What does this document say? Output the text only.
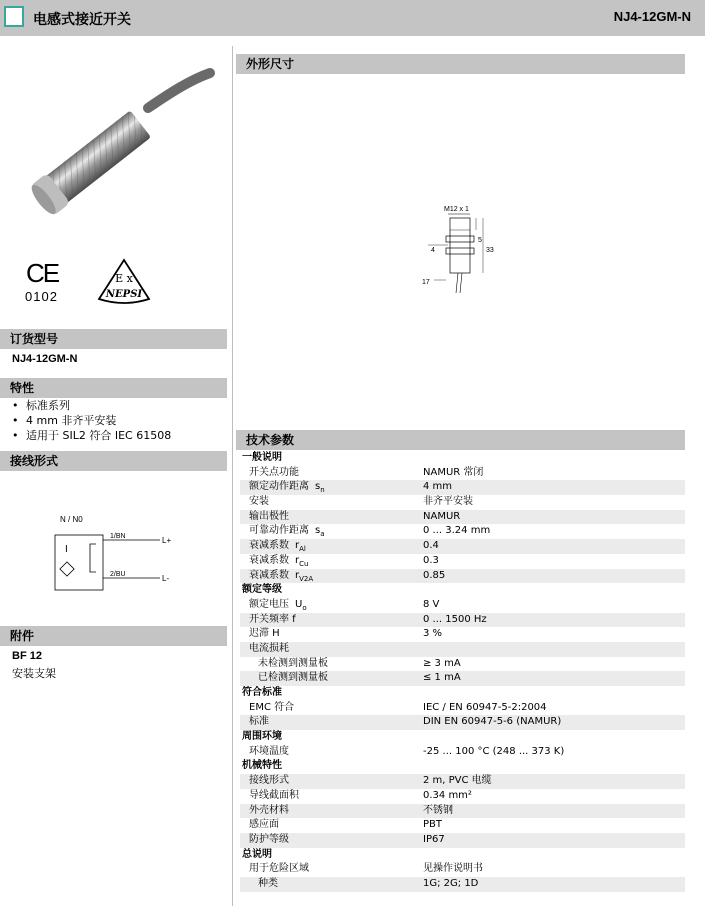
电感式接近开关	NJ4-12GM-N
CE
0102
E x
NEPSI
订货型号
NJ4-12GM-N
特性
• 标准系列
• 4 mm 非齐平安装
• 适用于 SIL2 符合 IEC 61508
接线形式
N / N0
I
1/BN
2/BU
L+
L-
附件
BF 12
安装支架
外形尺寸
M12 x 1
4
5
33
17
技术参数
一般说明
开关点功能	NAMUR 常闭
额定动作距离 $s_n$	4 mm
安装	非齐平安装
输出极性	NAMUR
可靠动作距离 $s_a$	0 ... 3.24 mm
衰减系数 $r_{Al}$	0.4
衰减系数 $r_{Cu}$	0.3
衰减系数 $r_{V2A}$	0.85
额定等级
额定电压 $U_o$	8 V
开关频率 f	0 ... 1500 Hz
迟滞 H	3 %
电流损耗
未检测到测量板	≥ 3 mA
已检测到测量板	≤ 1 mA
符合标准
EMC 符合	IEC / EN 60947-5-2:2004
标准	DIN EN 60947-5-6 (NAMUR)
周围环境
环境温度	-25 ... 100 °C (248 ... 373 K)
机械特性
接线形式	2 m, PVC 电缆
导线截面积	0.34 mm²
外壳材料	不锈钢
感应面	PBT
防护等级	IP67
总说明
用于危险区域	见操作说明书
种类	1G; 2G; 1D
